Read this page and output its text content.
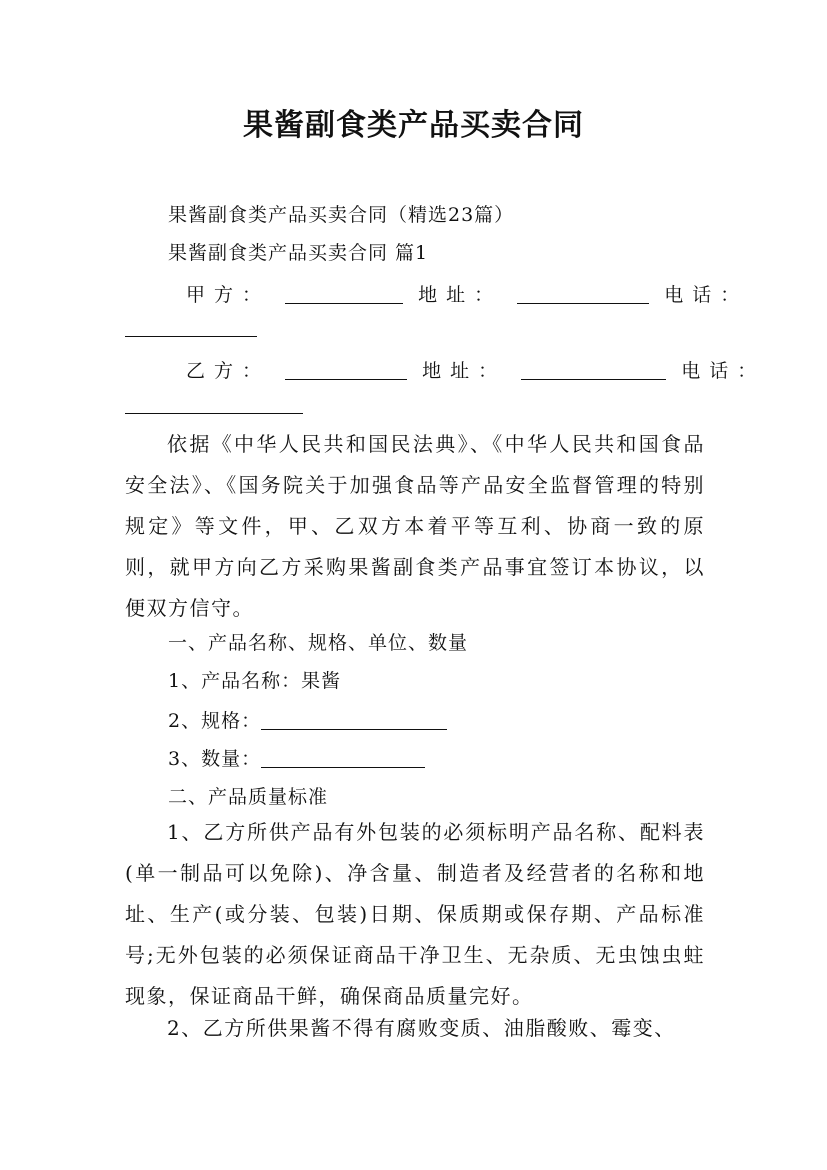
果酱副食类产品买卖合同
果酱副食类产品买卖合同（精选23篇）
果酱副食类产品买卖合同 篇1
甲方：	地址：	电话：
乙方：	地址：	电话：
依据《中华人民共和国民法典》、《中华人民共和国食品安全法》、《国务院关于加强食品等产品安全监督管理的特别规定》等文件，甲、乙双方本着平等互利、协商一致的原则，就甲方向乙方采购果酱副食类产品事宜签订本协议，以便双方信守。
一、产品名称、规格、单位、数量
1、产品名称：果酱
2、规格：
3、数量：
二、产品质量标准
1、乙方所供产品有外包装的必须标明产品名称、配料表(单一制品可以免除)、净含量、制造者及经营者的名称和地址、生产(或分装、包装)日期、保质期或保存期、产品标准号;无外包装的必须保证商品干净卫生、无杂质、无虫蚀虫蛀现象，保证商品干鲜，确保商品质量完好。
2、乙方所供果酱不得有腐败变质、油脂酸败、霉变、
